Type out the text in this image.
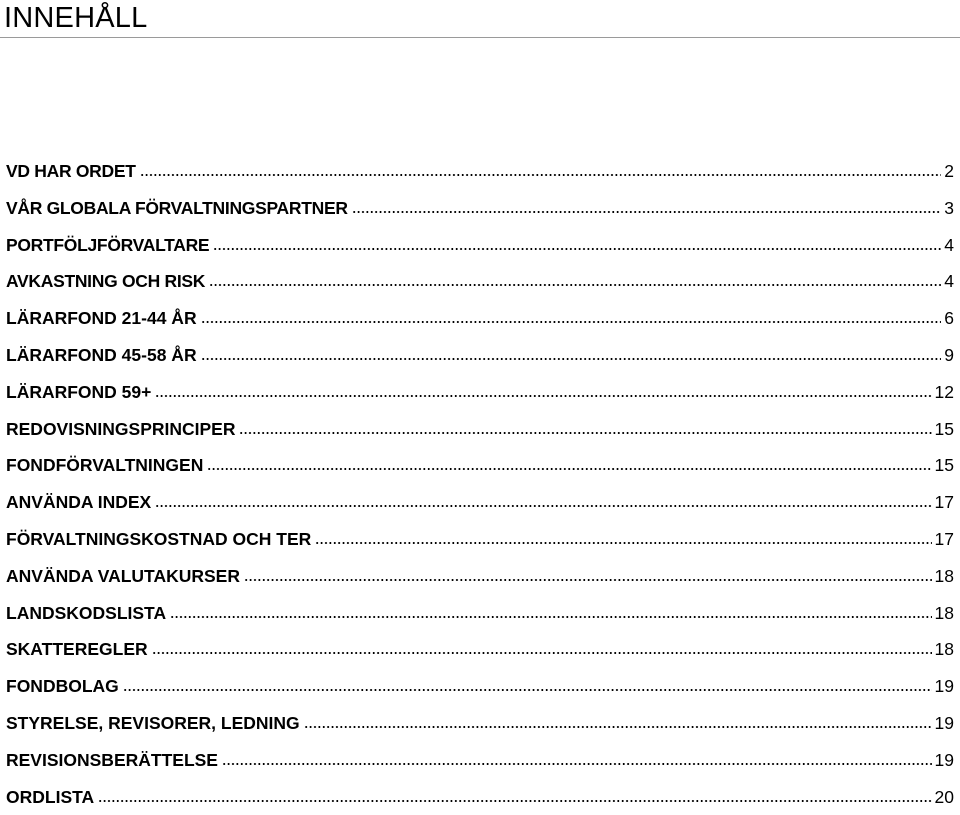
INNEHÅLL
VD HAR ORDET	2
VÅR GLOBALA FÖRVALTNINGSPARTNER	3
PORTFÖLJFÖRVALTARE	4
AVKASTNING OCH RISK	4
LÄRARFOND 21-44 ÅR	6
LÄRARFOND 45-58 ÅR	9
LÄRARFOND 59+	12
REDOVISNINGSPRINCIPER	15
FONDFÖRVALTNINGEN	15
ANVÄNDA INDEX	17
FÖRVALTNINGSKOSTNAD OCH TER	17
ANVÄNDA VALUTAKURSER	18
LANDSKODSLISTA	18
SKATTEREGLER	18
FONDBOLAG	19
STYRELSE, REVISORER, LEDNING	19
REVISIONSBERÄTTELSE	19
ORDLISTA	20
